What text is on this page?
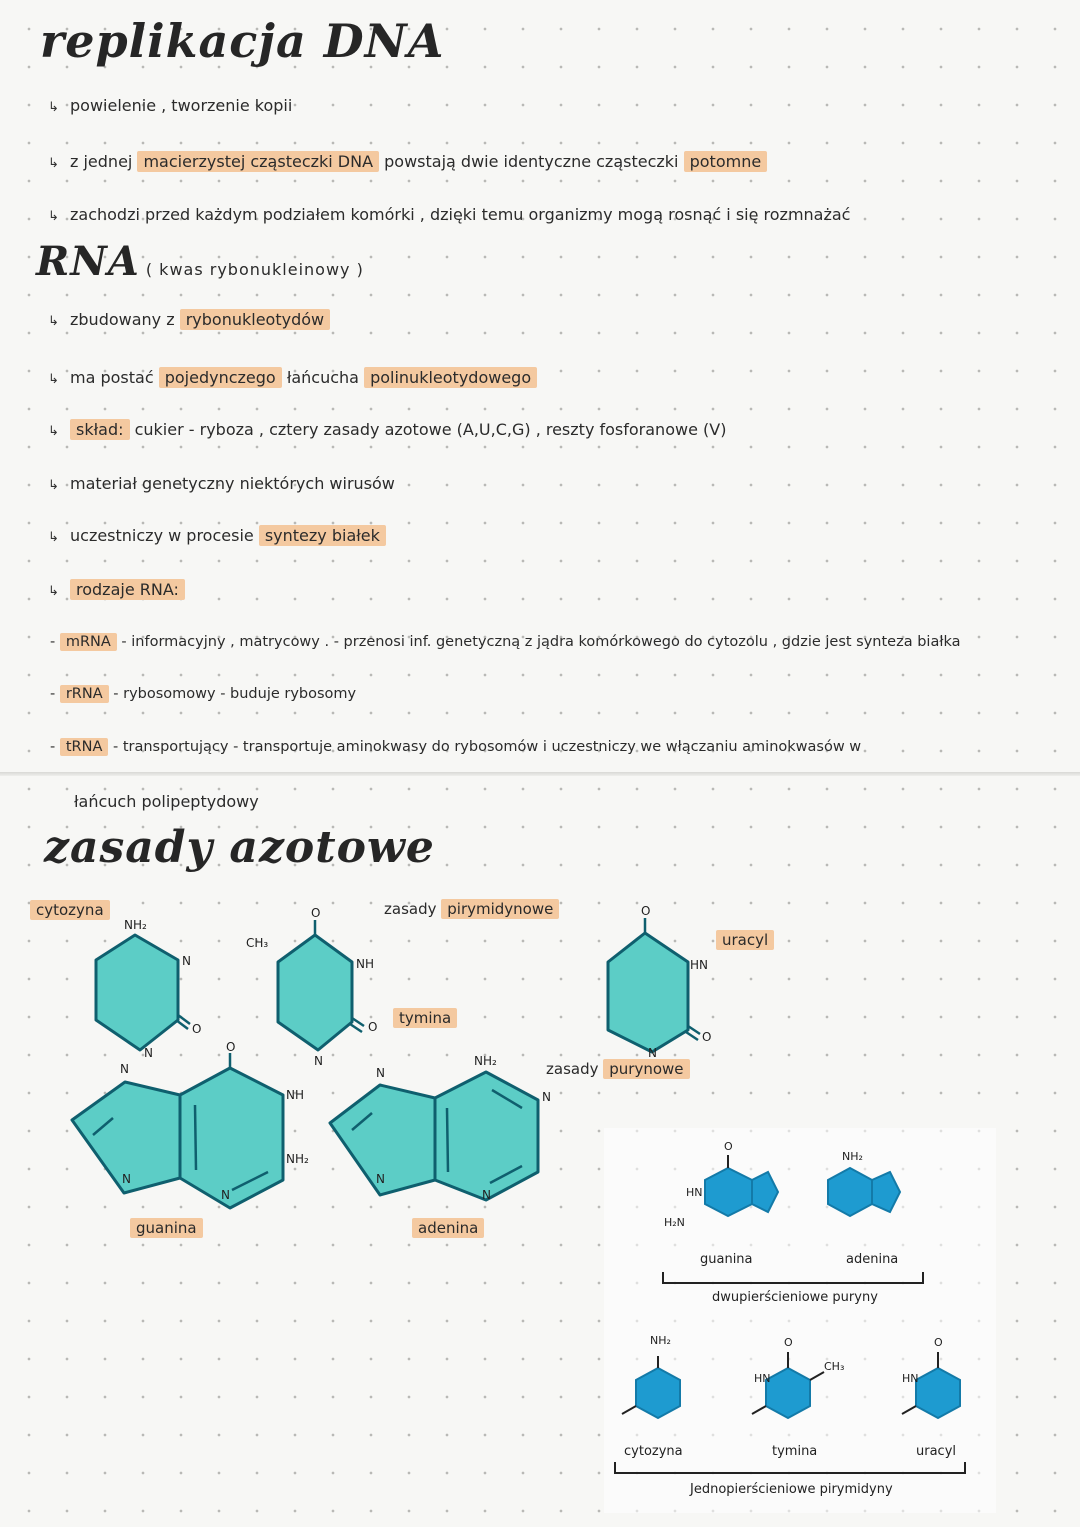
replikacja DNA
↳ powielenie , tworzenie kopii
↳ z jednej macierzystej cząsteczki DNA powstają dwie identyczne cząsteczki potomne
↳ zachodzi przed każdym podziałem komórki , dzięki temu organizmy mogą rosnąć i się rozmnażać
RNA ( kwas rybonukleinowy )
↳ zbudowany z rybonukleotydów
↳ ma postać pojedynczego łańcucha polinukleotydowego
↳ skład: cukier - ryboza , cztery zasady azotowe (A,U,C,G) , reszty fosforanowe (V)
↳ materiał genetyczny niektórych wirusów
↳ uczestniczy w procesie syntezy białek
↳ rodzaje RNA:
- mRNA - informacyjny , matrycowy . - przenosi inf. genetyczną z jądra komórkowego do cytozolu , gdzie jest synteza białka
- rRNA - rybosomowy - buduje rybosomy
- tRNA - transportujący - transportuje aminokwasy do rybosomów i uczestniczy we włączaniu aminokwasów w
łańcuch polipeptydowy
zasady azotowe
cytozyna	zasady pirymidynowe
uracyl
tymina
zasady purynowe
guanina	adenina
NH₂
N
O
N
O
CH₃
NH
O
N
O
HN
O
N
N
O
NH
NH₂
N
N
N
NH₂
N
N
N
O
HN
H₂N
NH₂
NH₂
CH₃
HN	HN
O	O
guanina	adenina
dwupierścieniowe puryny
cytozyna	tymina	uracyl
Jednopierścieniowe pirymidyny
